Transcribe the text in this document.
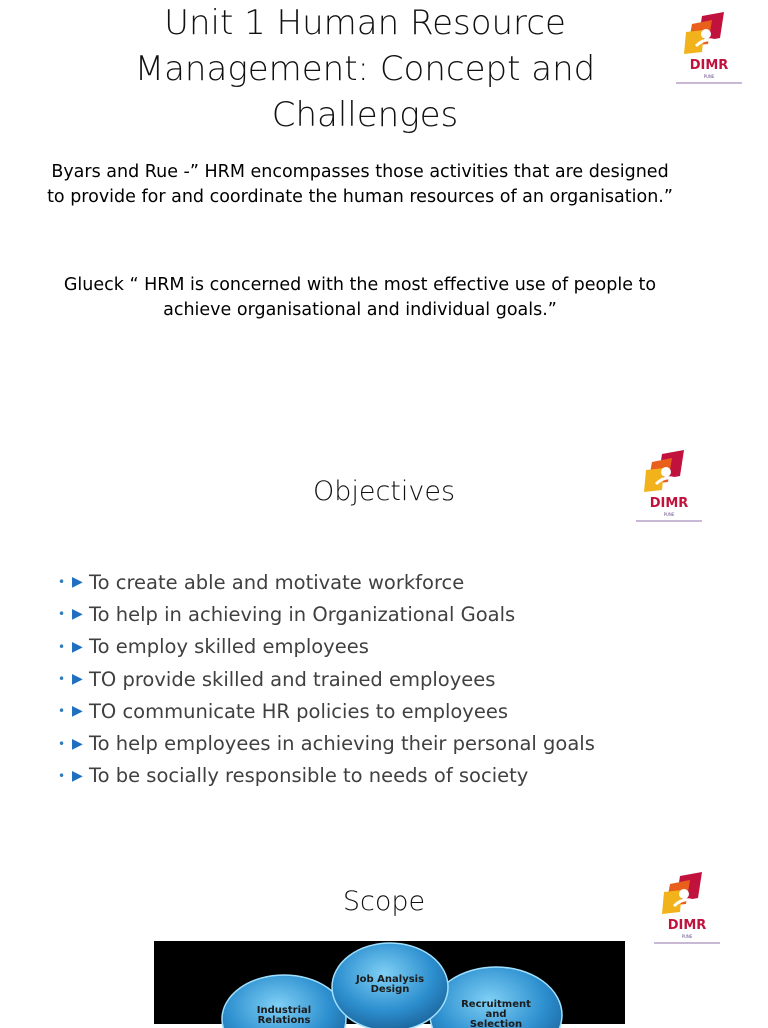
Unit 1 Human Resource Management: Concept and Challenges
DIMR
PUNE
Byars and Rue -” HRM encompasses those activities that are designed to provide for and coordinate the human resources of an organisation.”
Glueck “ HRM is concerned with the most effective use of people to achieve organisational and individual goals.”
DIMR
PUNE
Objectives
• ▶ To create able and motivate workforce
• ▶ To help in achieving in Organizational Goals
• ▶ To employ skilled employees
• ▶ TO provide skilled and trained employees
• ▶ TO communicate HR policies to employees
• ▶ To help employees in achieving their personal goals
• ▶ To be socially responsible to needs of society
DIMR
PUNE
Scope
Industrial
Relations
Recruitment
and
Selection
Job Analysis
Design
